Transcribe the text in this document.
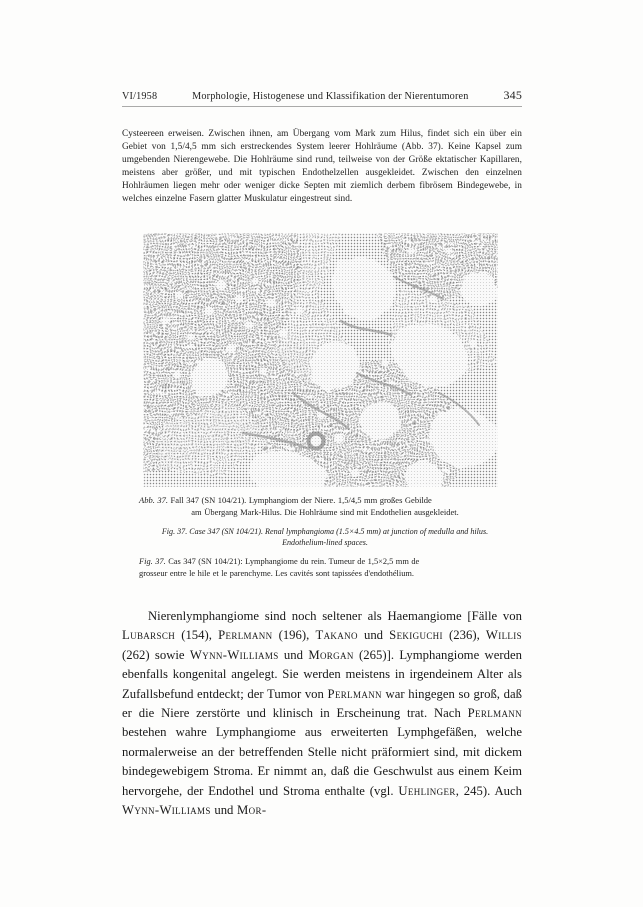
VI/1958	Morphologie, Histogenese und Klassifikation der Nierentumoren	345
Cysteereen erweisen. Zwischen ihnen, am Übergang vom Mark zum Hilus, findet sich ein über ein Gebiet von 1,5/4,5 mm sich erstreckendes System leerer Hohlräume (Abb. 37). Keine Kapsel zum umgebenden Nierengewebe. Die Hohlräume sind rund, teilweise von der Größe ektatischer Kapillaren, meistens aber größer, und mit typischen Endothelzellen ausgekleidet. Zwischen den einzelnen Hohlräumen liegen mehr oder weniger dicke Septen mit ziemlich derbem fibrösem Bindegewebe, in welches einzelne Fasern glatter Muskulatur eingestreut sind.
Abb. 37. Fall 347 (SN 104/21). Lymphangiom der Niere. 1,5/4,5 mm großes Gebilde
am Übergang Mark-Hilus. Die Hohlräume sind mit Endothelien ausgekleidet.
Fig. 37. Case 347 (SN 104/21). Renal lymphangioma (1.5×4.5 mm) at junction of medulla and hilus. Endothelium-lined spaces.
Fig. 37. Cas 347 (SN 104/21): Lymphangiome du rein. Tumeur de 1,5×2,5 mm de
grosseur entre le hile et le parenchyme. Les cavités sont tapissées d'endothélium.
Nierenlymphangiome sind noch seltener als Haemangiome [Fälle von Lubarsch (154), Perlmann (196), Takano und Sekiguchi (236), Willis (262) sowie Wynn-Williams und Morgan (265)]. Lymphangiome werden ebenfalls kongenital angelegt. Sie werden meistens in irgendeinem Alter als Zufallsbefund entdeckt; der Tumor von Perlmann war hingegen so groß, daß er die Niere zerstörte und klinisch in Erscheinung trat. Nach Perlmann bestehen wahre Lymphangiome aus erweiterten Lymphgefäßen, welche normalerweise an der betreffenden Stelle nicht präformiert sind, mit dickem bindegewebigem Stroma. Er nimmt an, daß die Geschwulst aus einem Keim hervorgehe, der Endothel und Stroma enthalte (vgl. Uehlinger, 245). Auch Wynn-Williams und Mor-
